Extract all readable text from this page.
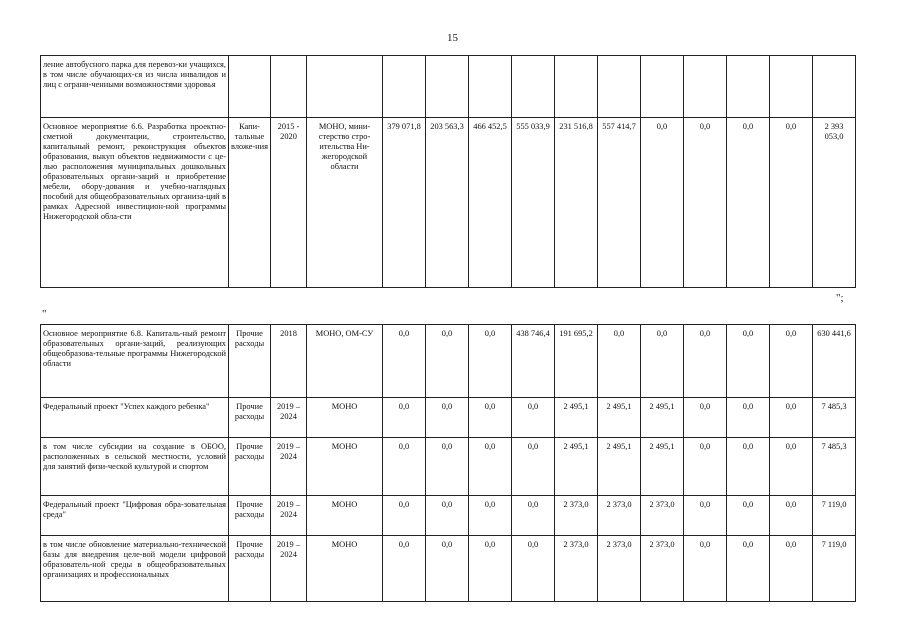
15
ление автобусного парка для перевоз-ки учащихся, в том числе обучающих-ся из числа инвалидов и лиц с ограни-ченными возможностями здоровья														
Основное мероприятие 6.6. Разработка проектно-сметной документации, строительство, капитальный ремонт, реконструкция объектов образования, выкуп объектов недвижимости с це-лью расположения муниципальных дошкольных образовательных органи-заций и приобретение мебели, обору-дования и учебно-наглядных пособий для общеобразовательных организа-ций в рамках Адресной инвестицион-ной программы Нижегородской обла-сти	Капи-тальные вложе-ния	2015 - 2020	МОНО, мини-стерство стро-ительства Ни-жегородской области	379 071,8	203 563,3	466 452,5	555 033,9	231 516,8	557 414,7	0,0	0,0	0,0	0,0	2 393 053,0
";
"
Основное мероприятие 6.8. Капиталь-ный ремонт образовательных органи-заций, реализующих общеобразова-тельные программы Нижегородской области	Прочие расходы	2018	МОНО, ОМ-СУ	0,0	0,0	0,0	438 746,4	191 695,2	0,0	0,0	0,0	0,0	0,0	630 441,6
Федеральный проект "Успех каждого ребенка"	Прочие расходы	2019 – 2024	МОНО	0,0	0,0	0,0	0,0	2 495,1	2 495,1	2 495,1	0,0	0,0	0,0	7 485,3
в том числе субсидии на создание в ОБОО, расположенных в сельской местности, условий для занятий физи-ческой культурой и спортом	Прочие расходы	2019 – 2024	МОНО	0,0	0,0	0,0	0,0	2 495,1	2 495,1	2 495,1	0,0	0,0	0,0	7 485,3
Федеральный проект "Цифровая обра-зовательная среда"	Прочие расходы	2019 – 2024	МОНО	0,0	0,0	0,0	0,0	2 373,0	2 373,0	2 373,0	0,0	0,0	0,0	7 119,0
в том числе обновление материально-технической базы для внедрения целе-вой модели цифровой образователь-ной среды в общеобразовательных организациях и профессиональных	Прочие расходы	2019 – 2024	МОНО	0,0	0,0	0,0	0,0	2 373,0	2 373,0	2 373,0	0,0	0,0	0,0	7 119,0
